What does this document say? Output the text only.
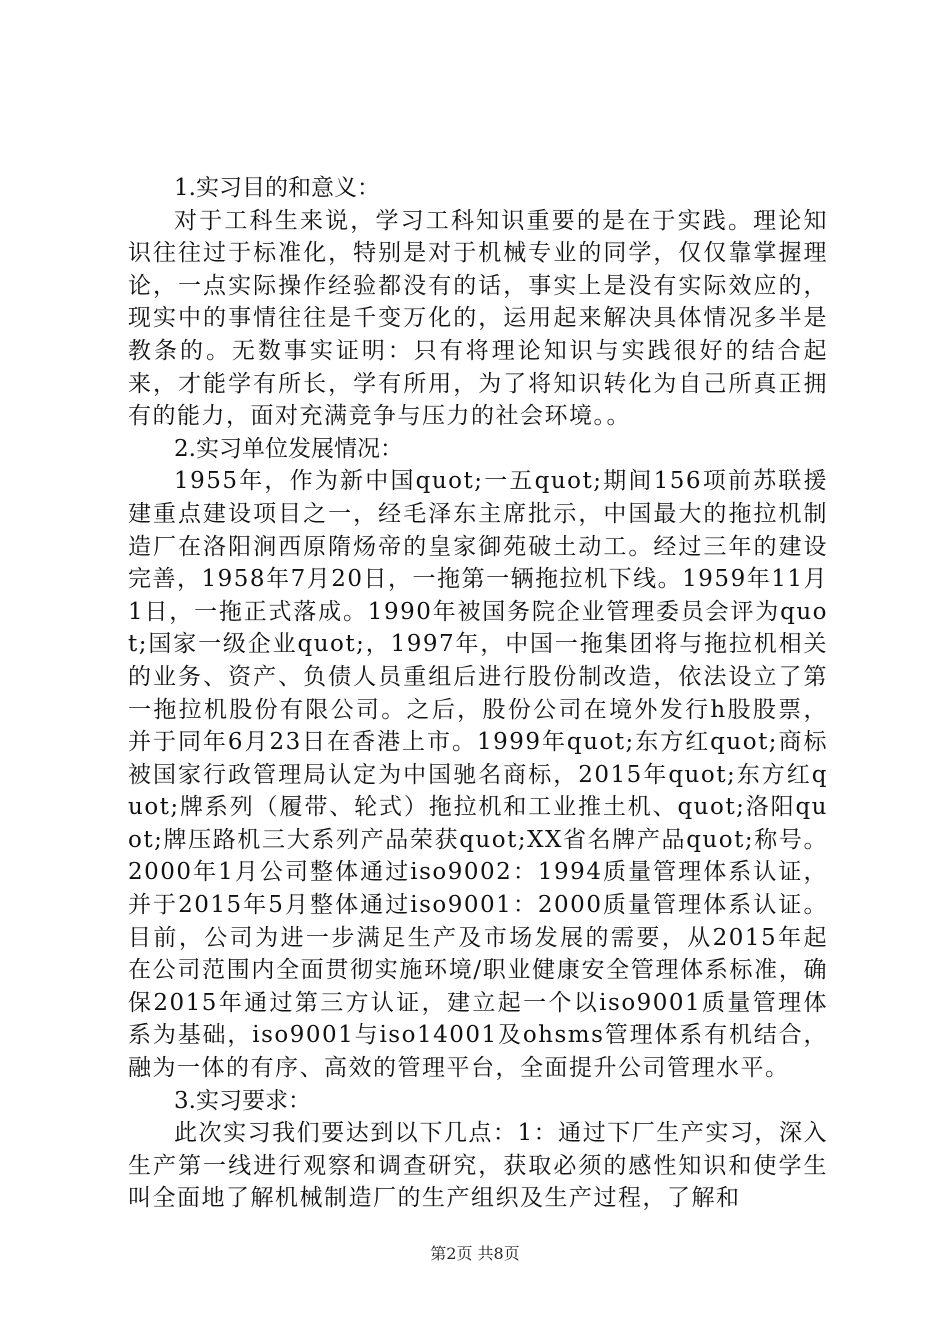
1.实习目的和意义：

对于工科生来说，学习工科知识重要的是在于实践。理论知识往往过于标准化，特别是对于机械专业的同学，仅仅靠掌握理论，一点实际操作经验都没有的话，事实上是没有实际效应的，现实中的事情往往是千变万化的，运用起来解决具体情况多半是教条的。无数事实证明：只有将理论知识与实践很好的结合起来，才能学有所长，学有所用，为了将知识转化为自己所真正拥有的能力，面对充满竞争与压力的社会环境。。

2.实习单位发展情况：

1955年，作为新中国quot;一五quot;期间156项前苏联援建重点建设项目之一，经毛泽东主席批示，中国最大的拖拉机制造厂在洛阳涧西原隋炀帝的皇家御苑破土动工。经过三年的建设完善，1958年7月20日，一拖第一辆拖拉机下线。1959年11月1日，一拖正式落成。1990年被国务院企业管理委员会评为quot;国家一级企业quot;，1997年，中国一拖集团将与拖拉机相关的业务、资产、负债人员重组后进行股份制改造，依法设立了第一拖拉机股份有限公司。之后，股份公司在境外发行h股股票，并于同年6月23日在香港上市。1999年quot;东方红quot;商标被国家行政管理局认定为中国驰名商标，2015年quot;东方红quot;牌系列（履带、轮式）拖拉机和工业推土机、quot;洛阳quot;牌压路机三大系列产品荣获quot;XX省名牌产品quot;称号。2000年1月公司整体通过iso9002：1994质量管理体系认证，并于2015年5月整体通过iso9001：2000质量管理体系认证。目前，公司为进一步满足生产及市场发展的需要，从2015年起在公司范围内全面贯彻实施环境/职业健康安全管理体系标准，确保2015年通过第三方认证，建立起一个以iso9001质量管理体系为基础，iso9001与iso14001及ohsms管理体系有机结合，融为一体的有序、高效的管理平台，全面提升公司管理水平。

3.实习要求：

此次实习我们要达到以下几点：1：通过下厂生产实习，深入生产第一线进行观察和调查研究，获取必须的感性知识和使学生叫全面地了解机械制造厂的生产组织及生产过程，了解和

第2页 共8页
